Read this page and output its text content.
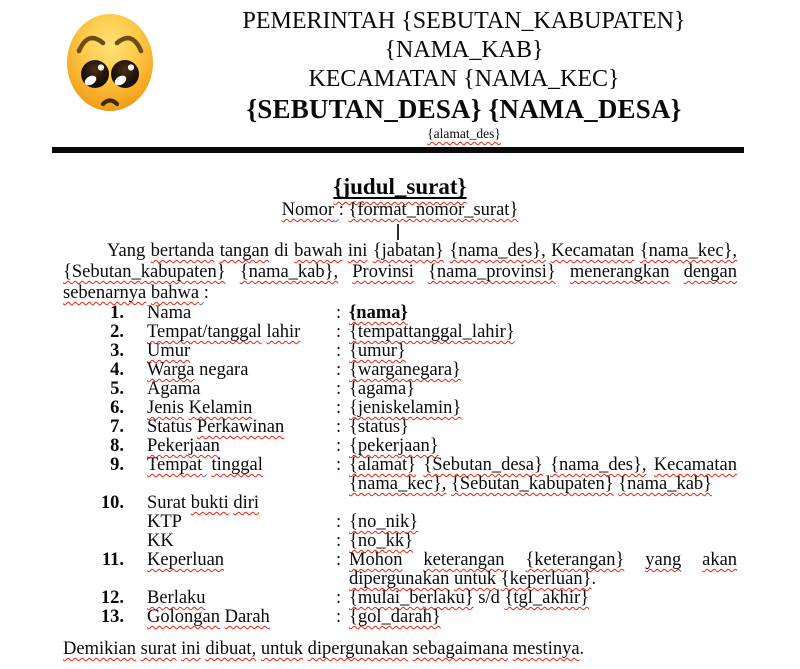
PEMERINTAH {SEBUTAN_KABUPATEN}
{NAMA_KAB}
KECAMATAN {NAMA_KEC}
{SEBUTAN_DESA} {NAMA_DESA}
{alamat_des}
{judul_surat}
Nomor : {format_nomor_surat}
Yang bertanda tangan di bawah ini {jabatan} {nama_des}, Kecamatan {nama_kec}, {Sebutan_kabupaten} {nama_kab}, Provinsi {nama_provinsi} menerangkan dengan sebenarnya bahwa :
1. Nama	: {nama}
2. Tempat/tanggal lahir	: {tempattanggal_lahir}
3. Umur	: {umur}
4. Warga negara	: {warganegara}
5. Agama	: {agama}
6. Jenis Kelamin	: {jeniskelamin}
7. Status Perkawinan	: {status}
8. Pekerjaan	: {pekerjaan}
9. Tempat tinggal	: {alamat} {Sebutan_desa} {nama_des}, Kecamatan {nama_kec}, {Sebutan_kabupaten} {nama_kab}
10. Surat bukti diri
KTP	: {no_nik}
KK	: {no_kk}
11. Keperluan	: Mohon keterangan {keterangan} yang akan dipergunakan untuk {keperluan}.
12. Berlaku	: {mulai_berlaku} s/d {tgl_akhir}
13. Golongan Darah	: {gol_darah}
Demikian surat ini dibuat, untuk dipergunakan sebagaimana mestinya.
